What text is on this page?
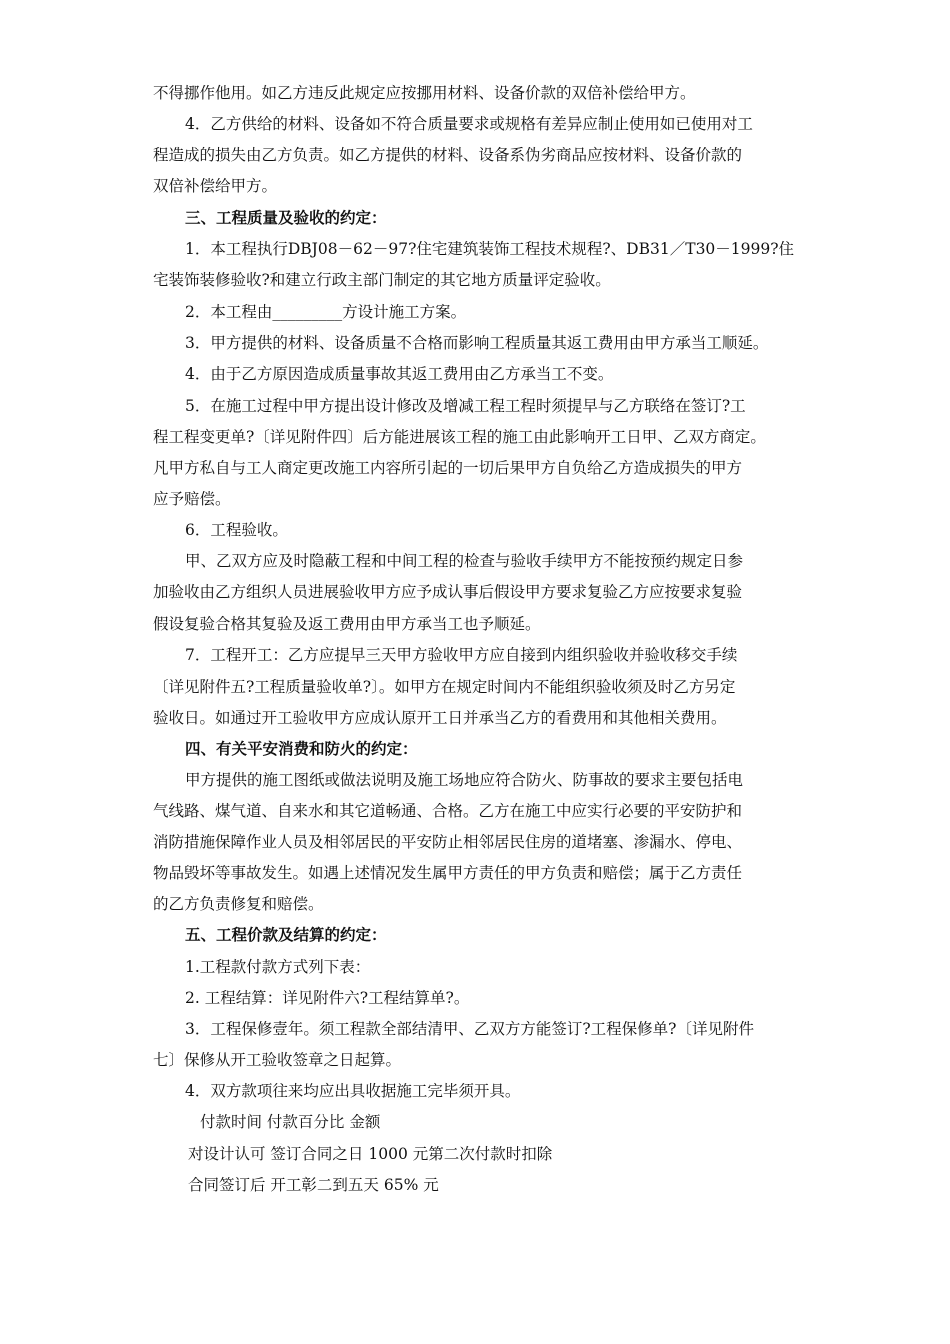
不得挪作他用。如乙方违反此规定应按挪用材料、设备价款的双倍补偿给甲方。
4．乙方供给的材料、设备如不符合质量要求或规格有差异应制止使用如已使用对工
程造成的损失由乙方负责。如乙方提供的材料、设备系伪劣商品应按材料、设备价款的
双倍补偿给甲方。
三、工程质量及验收的约定：
1．本工程执行DBJ08－62－97?住宅建筑装饰工程技术规程?、DB31／T30－1999?住
宅装饰装修验收?和建立行政主部门制定的其它地方质量评定验收。
2．本工程由_________方设计施工方案。
3．甲方提供的材料、设备质量不合格而影响工程质量其返工费用由甲方承当工顺延。
4．由于乙方原因造成质量事故其返工费用由乙方承当工不变。
5．在施工过程中甲方提出设计修改及增减工程工程时须提早与乙方联络在签订?工
程工程变更单?〔详见附件四〕后方能进展该工程的施工由此影响开工日甲、乙双方商定。
凡甲方私自与工人商定更改施工内容所引起的一切后果甲方自负给乙方造成损失的甲方
应予赔偿。
6．工程验收。
甲、乙双方应及时隐蔽工程和中间工程的检查与验收手续甲方不能按预约规定日参
加验收由乙方组织人员进展验收甲方应予成认事后假设甲方要求复验乙方应按要求复验
假设复验合格其复验及返工费用由甲方承当工也予顺延。
7．工程开工：乙方应提早三天甲方验收甲方应自接到内组织验收并验收移交手续
〔详见附件五?工程质量验收单?〕。如甲方在规定时间内不能组织验收须及时乙方另定
验收日。如通过开工验收甲方应成认原开工日并承当乙方的看费用和其他相关费用。
四、有关平安消费和防火的约定：
甲方提供的施工图纸或做法说明及施工场地应符合防火、防事故的要求主要包括电
气线路、煤气道、自来水和其它道畅通、合格。乙方在施工中应实行必要的平安防护和
消防措施保障作业人员及相邻居民的平安防止相邻居民住房的道堵塞、渗漏水、停电、
物品毁坏等事故发生。如遇上述情况发生属甲方责任的甲方负责和赔偿；属于乙方责任
的乙方负责修复和赔偿。
五、工程价款及结算的约定：
1.工程款付款方式列下表：
2. 工程结算：详见附件六?工程结算单?。
3．工程保修壹年。须工程款全部结清甲、乙双方方能签订?工程保修单?〔详见附件
七〕保修从开工验收签章之日起算。
4．双方款项往来均应出具收据施工完毕须开具。
付款时间 付款百分比 金额
对设计认可 签订合同之日 1000 元第二次付款时扣除
合同签订后 开工彰二到五天 65% 元
